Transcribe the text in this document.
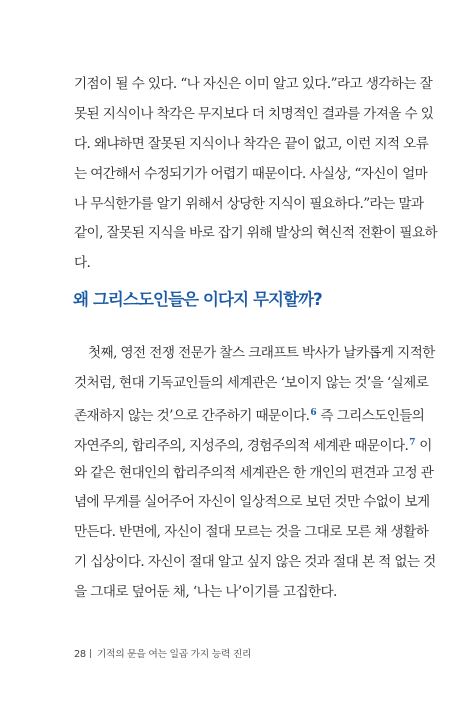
기점이 될 수 있다. “나 자신은 이미 알고 있다.”라고 생각하는 잘
못된 지식이나 착각은 무지보다 더 치명적인 결과를 가져올 수 있
다. 왜냐하면 잘못된 지식이나 착각은 끝이 없고, 이런 지적 오류
는 여간해서 수정되기가 어렵기 때문이다. 사실상, “자신이 얼마
나 무식한가를 알기 위해서 상당한 지식이 필요하다.”라는 말과
같이, 잘못된 지식을 바로 잡기 위해 발상의 혁신적 전환이 필요하
다.
왜 그리스도인들은 이다지 무지할까?
첫째, 영전 전쟁 전문가 찰스 크래프트 박사가 날카롭게 지적한
것처럼, 현대 기독교인들의 세계관은 ‘보이지 않는 것’을 ‘실제로
존재하지 않는 것’으로 간주하기 때문이다.$^6$ 즉 그리스도인들의
자연주의, 합리주의, 지성주의, 경험주의적 세계관 때문이다.$^7$ 이
와 같은 현대인의 합리주의적 세계관은 한 개인의 편견과 고정 관
념에 무게를 실어주어 자신이 일상적으로 보던 것만 수없이 보게
만든다. 반면에, 자신이 절대 모르는 것을 그대로 모른 채 생활하
기 십상이다. 자신이 절대 알고 싶지 않은 것과 절대 본 적 없는 것
을 그대로 덮어둔 채, ‘나는 나’이기를 고집한다.
28 기적의 문을 여는 일곱 가지 능력 진리
